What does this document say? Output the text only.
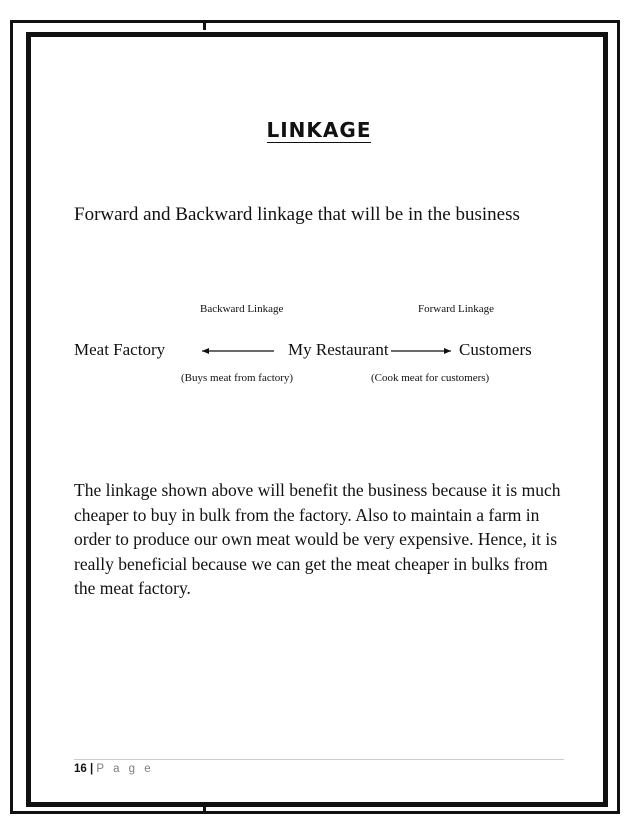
LINKAGE
Forward and Backward linkage that will be in the business
Backward Linkage	Forward Linkage
Meat Factory	My Restaurant	Customers
(Buys meat from factory)	(Cook meat for customers)
The linkage shown above will benefit the business because it is much cheaper to buy in bulk from the factory. Also to maintain a farm in order to produce our own meat would be very expensive. Hence, it is really beneficial because we can get the meat cheaper in bulks from the meat factory.
16 | P a g e
